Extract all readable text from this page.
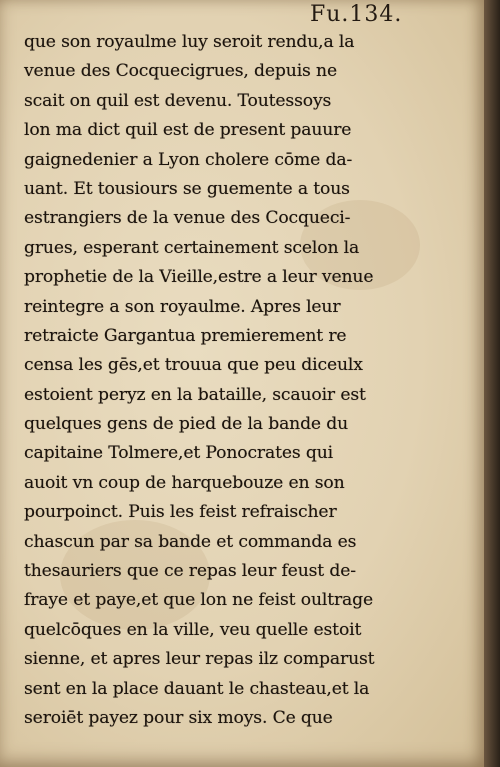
Fu.134.
que son royaulme luy seroit rendu,a la
venue des Cocquecigrues, depuis ne
scait on quil est devenu. Toutessoys
lon ma dict quil est de present pauure
gaignedenier a Lyon cholere cōme da-
uant. Et tousiours se guemente a tous
estrangiers de la venue des Cocqueci-
grues, esperant certainement scelon la
prophetie de la Vieille,estre a leur venue
reintegre a son royaulme. Apres leur
retraicte Gargantua premierement re
censa les gēs,et trouua que peu diceulx
estoient peryz en la bataille, scauoir est
quelques gens de pied de la bande du
capitaine Tolmere,et Ponocrates qui
auoit vn coup de harquebouze en son
pourpoinct. Puis les feist refraischer
chascun par sa bande et commanda es
thesauriers que ce repas leur feust de-
fraye et paye,et que lon ne feist oultrage
quelcōques en la ville, veu quelle estoit
sienne, et apres leur repas ilz comparust
sent en la place dauant le chasteau,et la
seroiēt payez pour six moys. Ce que
